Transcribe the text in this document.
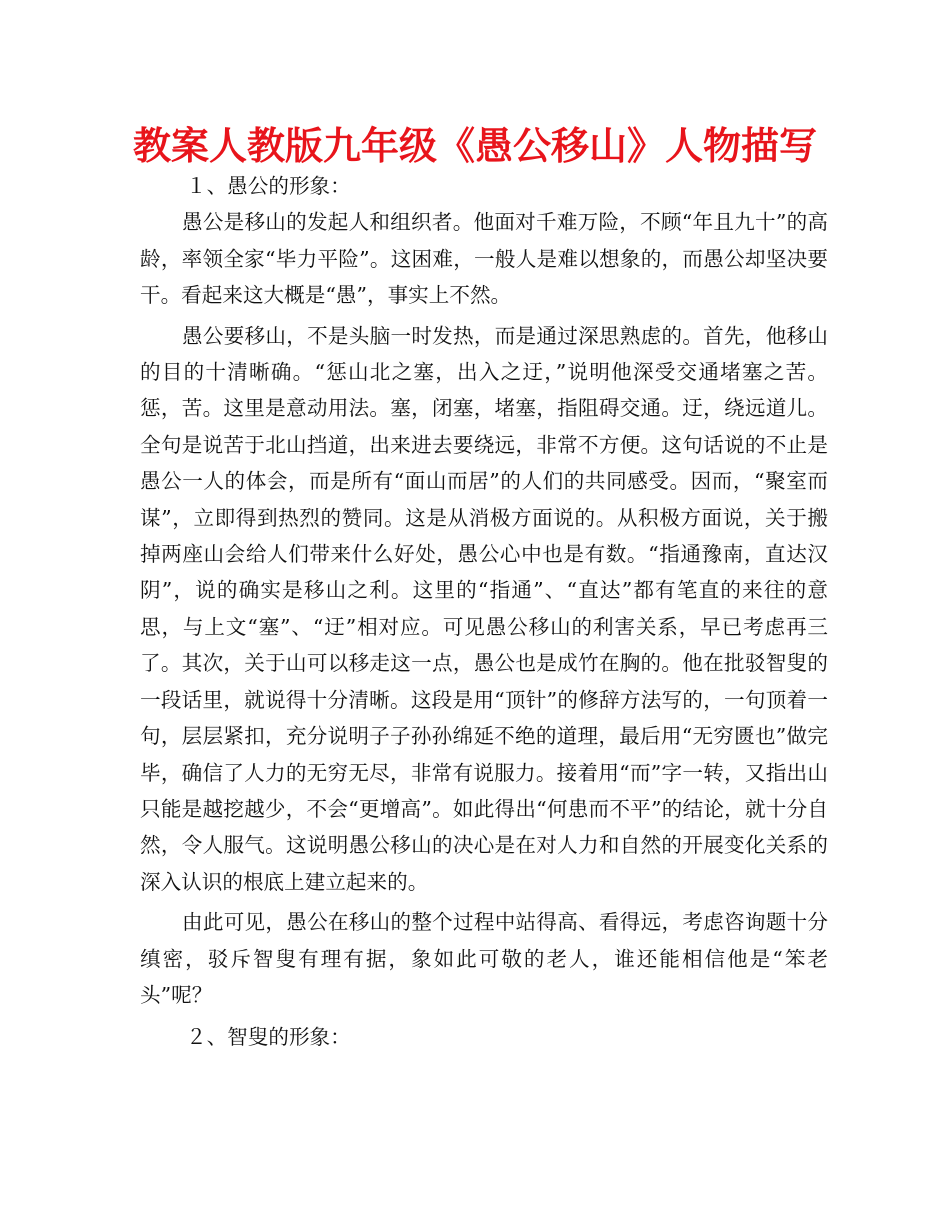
教案人教版九年级《愚公移山》人物描写

１、愚公的形象：

愚公是移山的发起人和组织者。他面对千难万险，不顾“年且九十”的高龄，率领全家“毕力平险”。这困难，一般人是难以想象的，而愚公却坚决要干。看起来这大概是“愚”，事实上不然。

愚公要移山，不是头脑一时发热，而是通过深思熟虑的。首先，他移山的目的十清晰确。“惩山北之塞，出入之迂，”说明他深受交通堵塞之苦。惩，苦。这里是意动用法。塞，闭塞，堵塞，指阻碍交通。迂，绕远道儿。全句是说苦于北山挡道，出来进去要绕远，非常不方便。这句话说的不止是愚公一人的体会，而是所有“面山而居”的人们的共同感受。因而，“聚室而谋”，立即得到热烈的赞同。这是从消极方面说的。从积极方面说，关于搬掉两座山会给人们带来什么好处，愚公心中也是有数。“指通豫南，直达汉阴”，说的确实是移山之利。这里的“指通”、“直达”都有笔直的来往的意思，与上文“塞”、“迂”相对应。可见愚公移山的利害关系，早已考虑再三了。其次，关于山可以移走这一点，愚公也是成竹在胸的。他在批驳智叟的一段话里，就说得十分清晰。这段是用“顶针”的修辞方法写的，一句顶着一句，层层紧扣，充分说明子子孙孙绵延不绝的道理，最后用“无穷匮也”做完毕，确信了人力的无穷无尽，非常有说服力。接着用“而”字一转，又指出山只能是越挖越少，不会“更增高”。如此得出“何患而不平”的结论，就十分自然，令人服气。这说明愚公移山的决心是在对人力和自然的开展变化关系的深入认识的根底上建立起来的。

由此可见，愚公在移山的整个过程中站得高、看得远，考虑咨询题十分缜密，驳斥智叟有理有据，象如此可敬的老人，谁还能相信他是“笨老头”呢？

２、智叟的形象：
